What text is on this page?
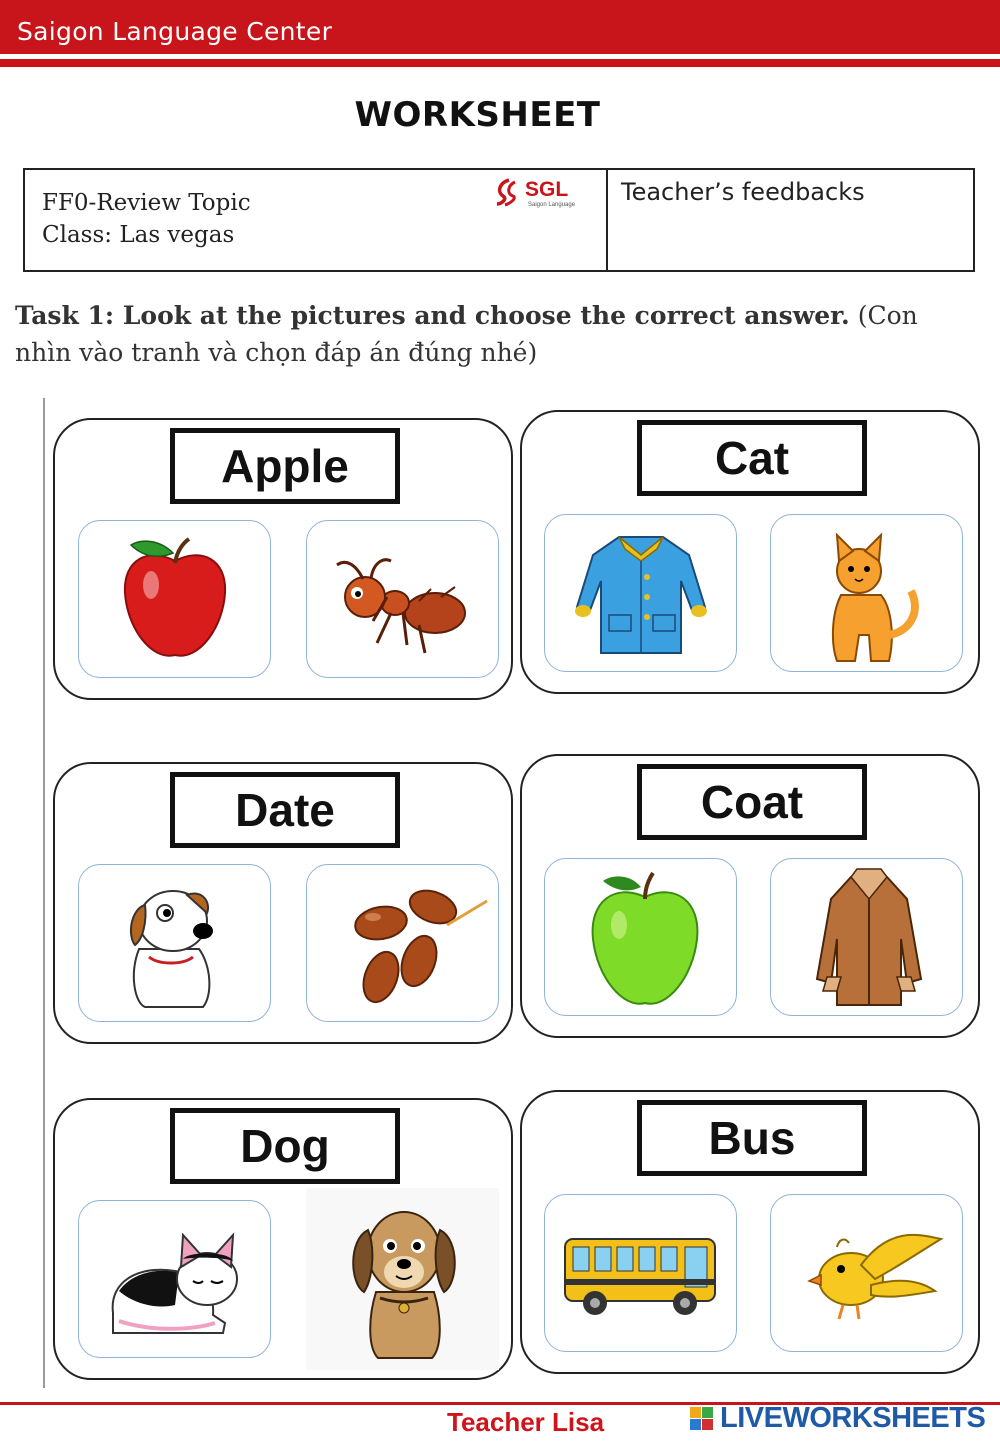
Saigon Language Center
WORKSHEET
FF0-Review Topic
Class: Las vegas
SGL
Saigon Language Teacher’s feedbacks
Task 1: Look at the pictures and choose the correct answer. (Con nhìn vào tranh và chọn đáp án đúng nhé)
Apple	Cat
Date	Coat
Dog	Bus
Teacher Lisa	LIVEWORKSHEETS
